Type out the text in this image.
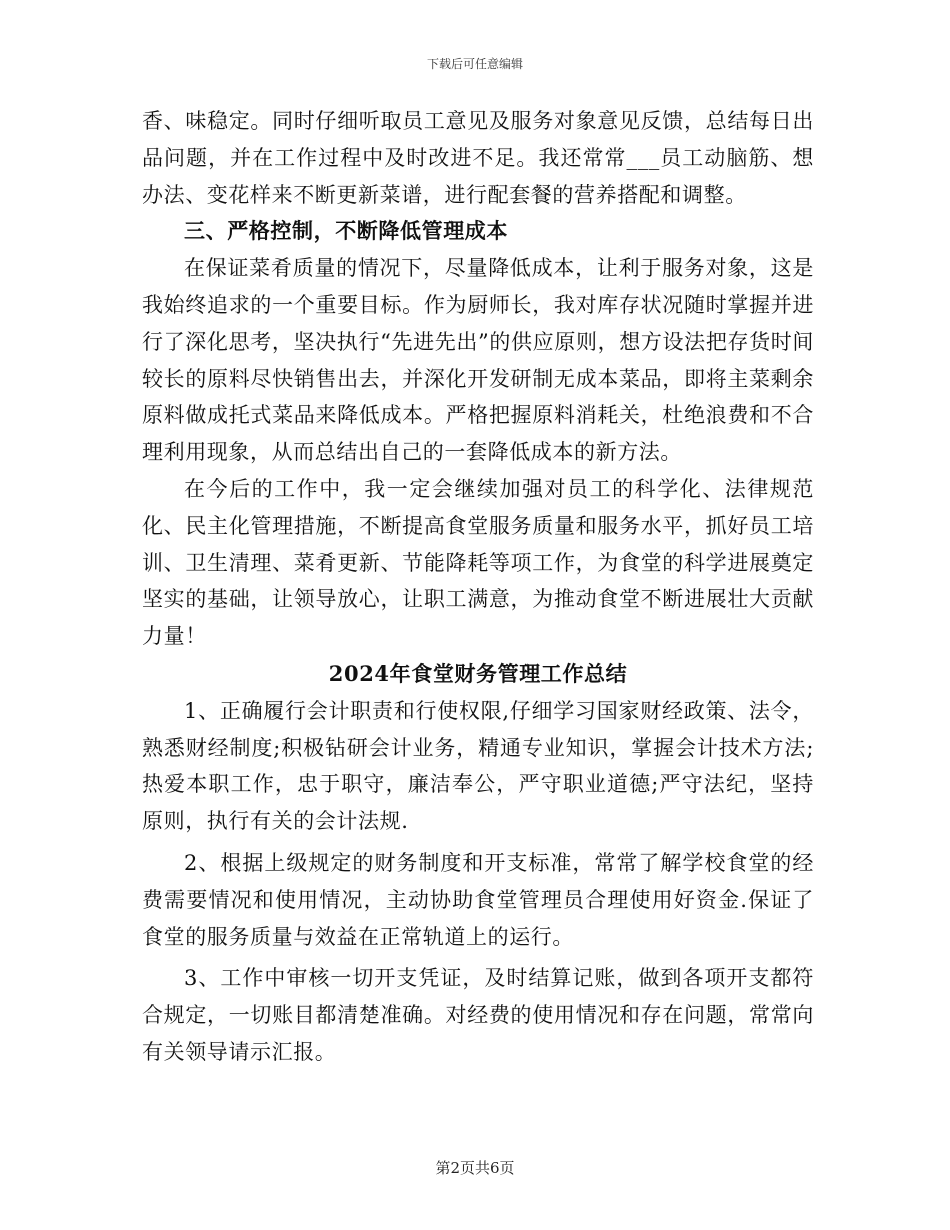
下载后可任意编辑

香、味稳定。同时仔细听取员工意见及服务对象意见反馈，总结每日出品问题，并在工作过程中及时改进不足。我还常常___员工动脑筋、想办法、变花样来不断更新菜谱，进行配套餐的营养搭配和调整。

三、严格控制，不断降低管理成本

在保证菜肴质量的情况下，尽量降低成本，让利于服务对象，这是我始终追求的一个重要目标。作为厨师长，我对库存状况随时掌握并进行了深化思考，坚决执行“先进先出”的供应原则，想方设法把存货时间较长的原料尽快销售出去，并深化开发研制无成本菜品，即将主菜剩余原料做成托式菜品来降低成本。严格把握原料消耗关，杜绝浪费和不合理利用现象，从而总结出自己的一套降低成本的新方法。

在今后的工作中，我一定会继续加强对员工的科学化、法律规范化、民主化管理措施，不断提高食堂服务质量和服务水平，抓好员工培训、卫生清理、菜肴更新、节能降耗等项工作，为食堂的科学进展奠定坚实的基础，让领导放心，让职工满意，为推动食堂不断进展壮大贡献力量！

2024年食堂财务管理工作总结

1、正确履行会计职责和行使权限,仔细学习国家财经政策、法令，熟悉财经制度;积极钻研会计业务，精通专业知识，掌握会计技术方法;热爱本职工作，忠于职守，廉洁奉公，严守职业道德;严守法纪，坚持原则，执行有关的会计法规.

2、根据上级规定的财务制度和开支标准，常常了解学校食堂的经费需要情况和使用情况，主动协助食堂管理员合理使用好资金.保证了食堂的服务质量与效益在正常轨道上的运行。

3、工作中审核一切开支凭证，及时结算记账，做到各项开支都符合规定，一切账目都清楚准确。对经费的使用情况和存在问题，常常向有关领导请示汇报。

第2页共6页
